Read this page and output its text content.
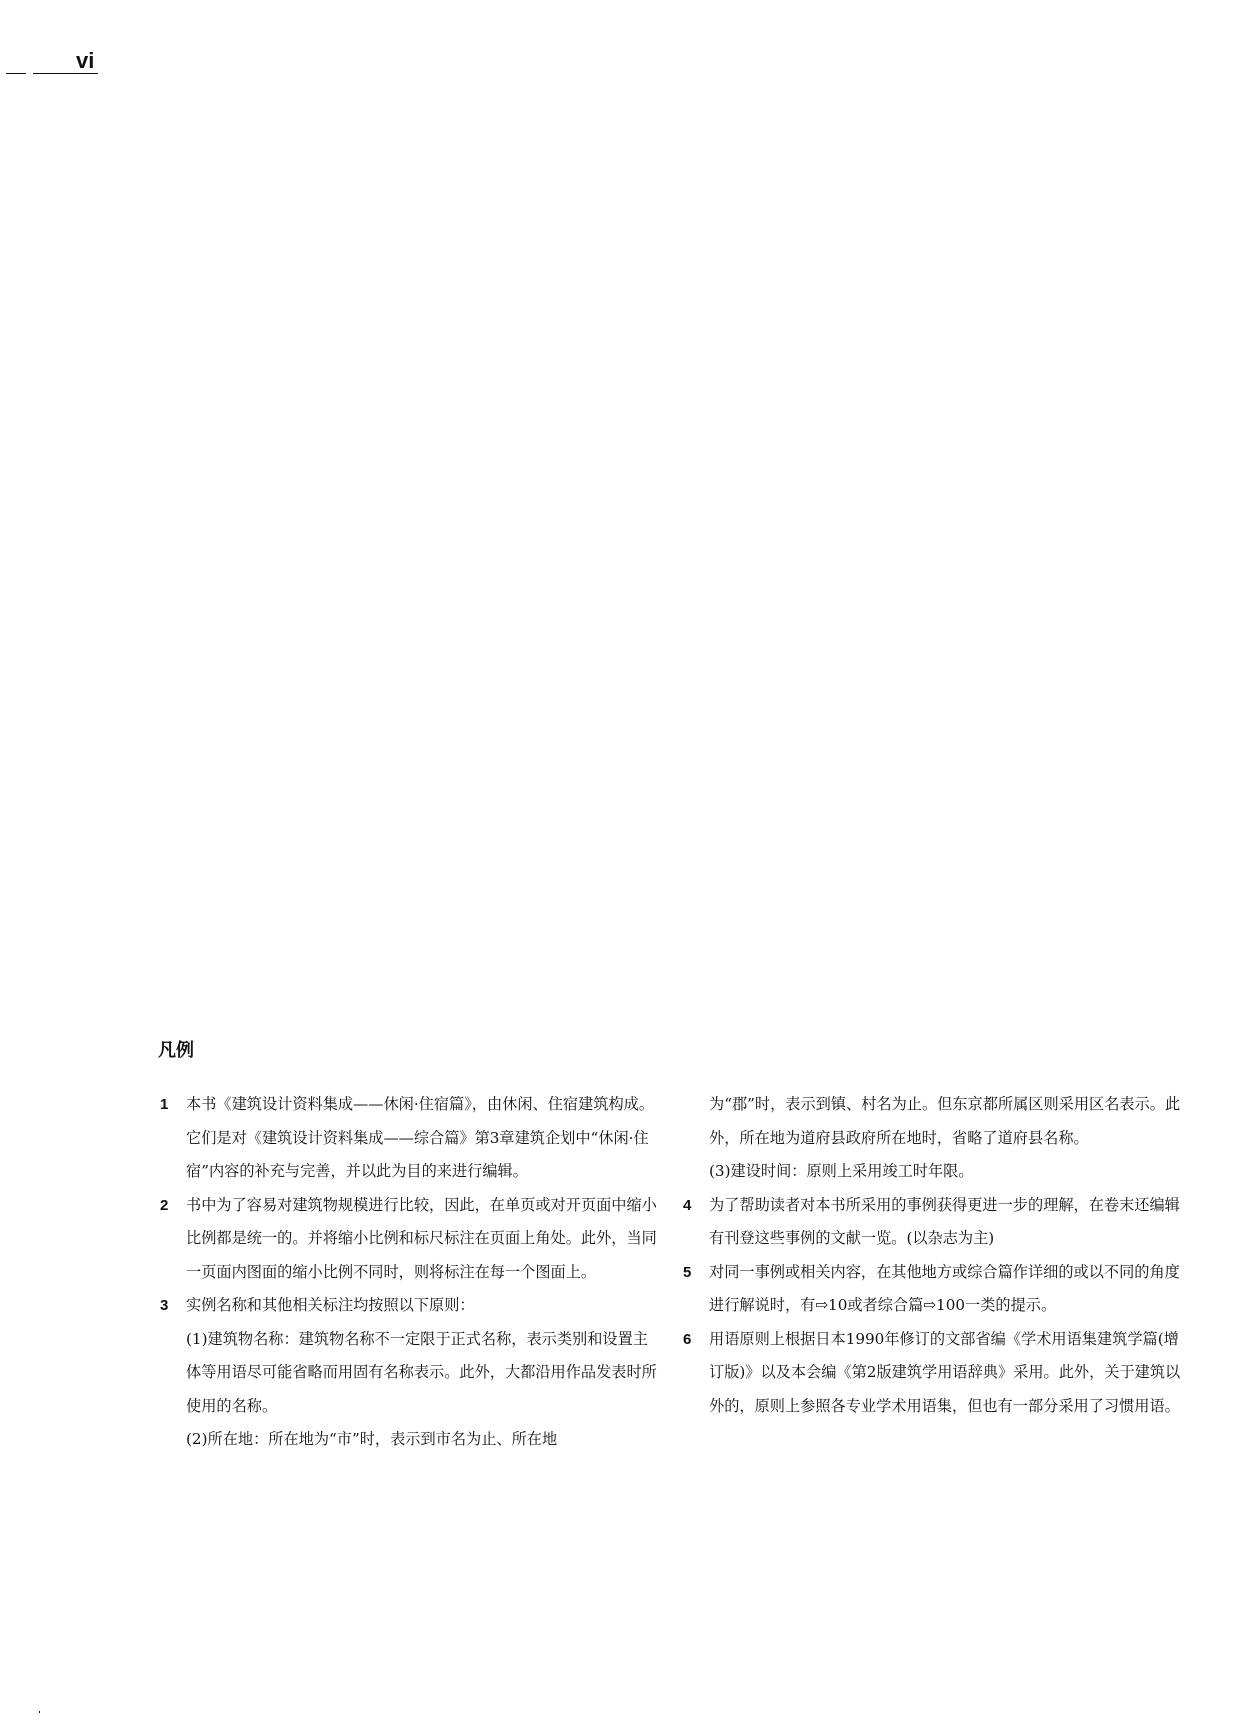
vi
凡例
1 本书《建筑设计资料集成——休闲·住宿篇》，由休闲、住宿建筑构成。它们是对《建筑设计资料集成——综合篇》第3章建筑企划中“休闲·住宿”内容的补充与完善，并以此为目的来进行编辑。
2 书中为了容易对建筑物规模进行比较，因此，在单页或对开页面中缩小比例都是统一的。并将缩小比例和标尺标注在页面上角处。此外，当同一页面内图面的缩小比例不同时，则将标注在每一个图面上。
3 实例名称和其他相关标注均按照以下原则：
(1)建筑物名称：建筑物名称不一定限于正式名称，表示类别和设置主体等用语尽可能省略而用固有名称表示。此外，大都沿用作品发表时所使用的名称。
(2)所在地：所在地为“市”时，表示到市名为止、所在地
为“郡”时，表示到镇、村名为止。但东京都所属区则采用区名表示。此外，所在地为道府县政府所在地时，省略了道府县名称。
(3)建设时间：原则上采用竣工时年限。
4 为了帮助读者对本书所采用的事例获得更进一步的理解，在卷末还编辑有刊登这些事例的文献一览。(以杂志为主)
5 对同一事例或相关内容，在其他地方或综合篇作详细的或以不同的角度进行解说时，有⇨10或者综合篇⇨100一类的提示。
6 用语原则上根据日本1990年修订的文部省编《学术用语集建筑学篇(增订版)》以及本会编《第2版建筑学用语辞典》采用。此外，关于建筑以外的，原则上参照各专业学术用语集，但也有一部分采用了习惯用语。
